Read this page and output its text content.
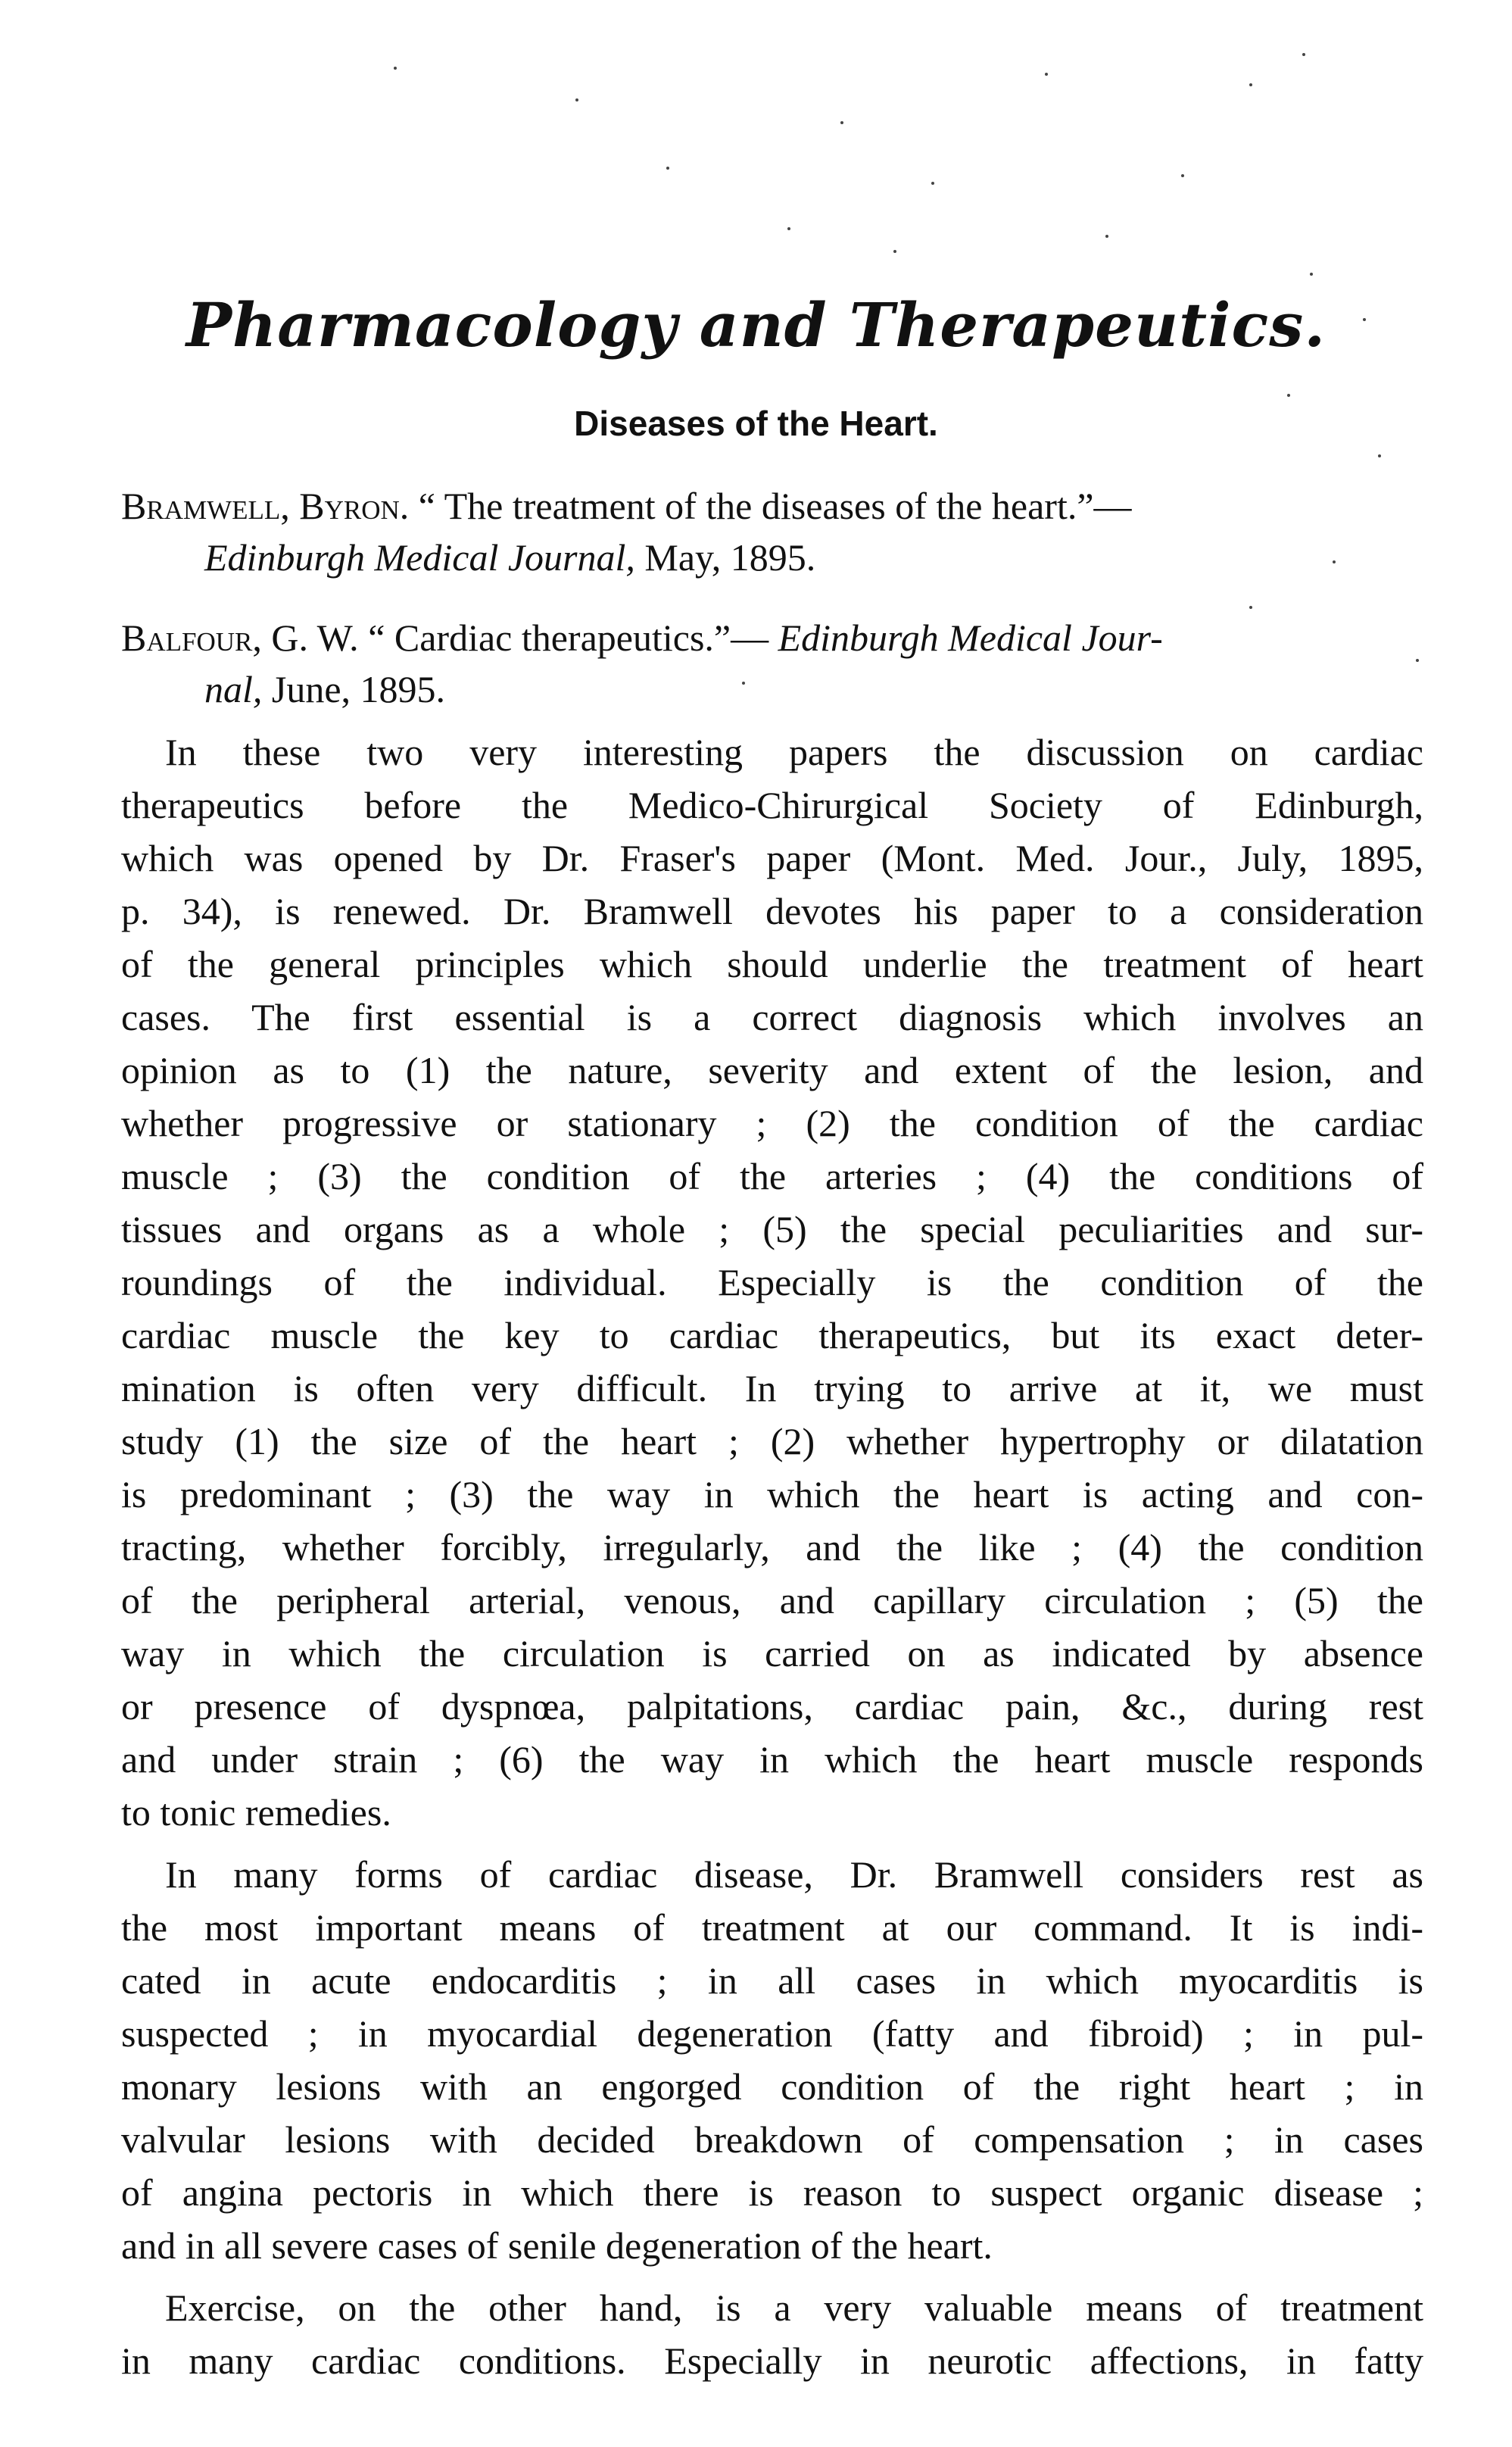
Pharmacology and Therapeutics.
Diseases of the Heart.
Bramwell, Byron. “ The treatment of the diseases of the heart.”—
Edinburgh Medical Journal, May, 1895.
Balfour, G. W. “ Cardiac therapeutics.”— Edinburgh Medical Jour-
nal, June, 1895.
In these two very interesting papers the discussion on cardiac
therapeutics before the Medico-Chirurgical Society of Edinburgh,
which was opened by Dr. Fraser's paper (Mont. Med. Jour., July, 1895,
p. 34), is renewed. Dr. Bramwell devotes his paper to a consideration
of the general principles which should underlie the treatment of heart
cases. The first essential is a correct diagnosis which involves an
opinion as to (1) the nature, severity and extent of the lesion, and
whether progressive or stationary ; (2) the condition of the cardiac
muscle ; (3) the condition of the arteries ; (4) the conditions of
tissues and organs as a whole ; (5) the special peculiarities and sur-
roundings of the individual. Especially is the condition of the
cardiac muscle the key to cardiac therapeutics, but its exact deter-
mination is often very difficult. In trying to arrive at it, we must
study (1) the size of the heart ; (2) whether hypertrophy or dilatation
is predominant ; (3) the way in which the heart is acting and con-
tracting, whether forcibly, irregularly, and the like ; (4) the condition
of the peripheral arterial, venous, and capillary circulation ; (5) the
way in which the circulation is carried on as indicated by absence
or presence of dyspnœa, palpitations, cardiac pain, &c., during rest
and under strain ; (6) the way in which the heart muscle responds
to tonic remedies.
In many forms of cardiac disease, Dr. Bramwell considers rest as
the most important means of treatment at our command. It is indi-
cated in acute endocarditis ; in all cases in which myocarditis is
suspected ; in myocardial degeneration (fatty and fibroid) ; in pul-
monary lesions with an engorged condition of the right heart ; in
valvular lesions with decided breakdown of compensation ; in cases
of angina pectoris in which there is reason to suspect organic disease ;
and in all severe cases of senile degeneration of the heart.
Exercise, on the other hand, is a very valuable means of treatment
in many cardiac conditions. Especially in neurotic affections, in fatty
